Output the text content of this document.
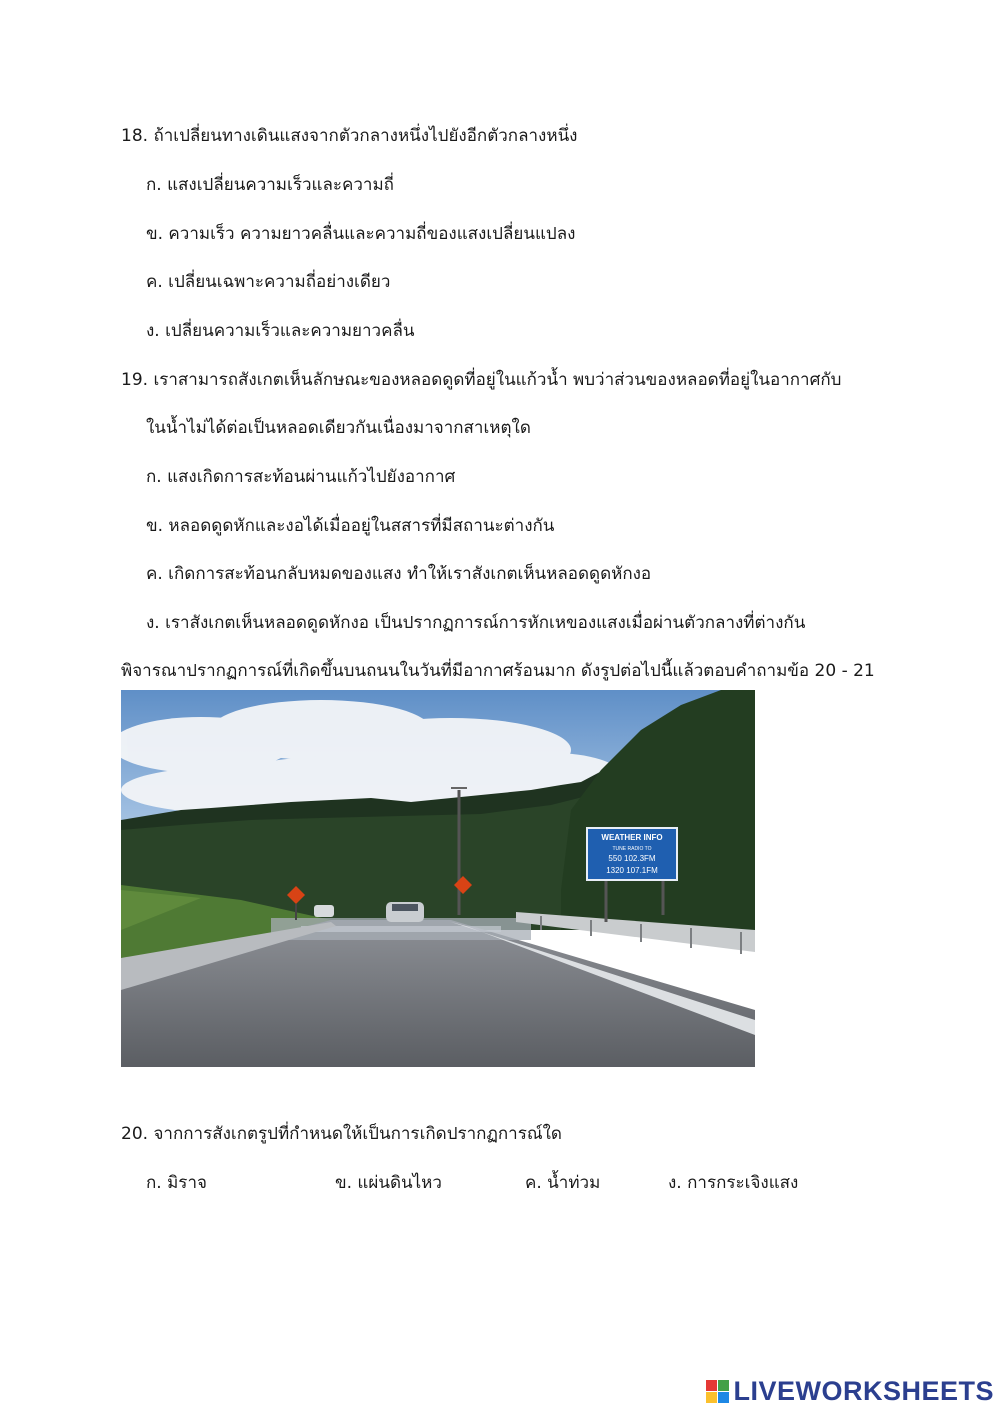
18. ถ้าเปลี่ยนทางเดินแสงจากตัวกลางหนึ่งไปยังอีกตัวกลางหนึ่ง
ก. แสงเปลี่ยนความเร็วและความถี่
ข. ความเร็ว ความยาวคลื่นและความถี่ของแสงเปลี่ยนแปลง
ค. เปลี่ยนเฉพาะความถี่อย่างเดียว
ง. เปลี่ยนความเร็วและความยาวคลื่น
19. เราสามารถสังเกตเห็นลักษณะของหลอดดูดที่อยู่ในแก้วน้ำ พบว่าส่วนของหลอดที่อยู่ในอากาศกับ
ในน้ำไม่ได้ต่อเป็นหลอดเดียวกันเนื่องมาจากสาเหตุใด
ก. แสงเกิดการสะท้อนผ่านแก้วไปยังอากาศ
ข. หลอดดูดหักและงอได้เมื่ออยู่ในสสารที่มีสถานะต่างกัน
ค. เกิดการสะท้อนกลับหมดของแสง ทำให้เราสังเกตเห็นหลอดดูดหักงอ
ง. เราสังเกตเห็นหลอดดูดหักงอ เป็นปรากฏการณ์การหักเหของแสงเมื่อผ่านตัวกลางที่ต่างกัน
พิจารณาปรากฏการณ์ที่เกิดขึ้นบนถนนในวันที่มีอากาศร้อนมาก ดังรูปต่อไปนี้แล้วตอบคำถามข้อ 20 - 21
WEATHER INFO
TUNE RADIO TO
550 102.3FM
1320 107.1FM
20. จากการสังเกตรูปที่กำหนดให้เป็นการเกิดปรากฏการณ์ใด
ก. มิราจ	ข. แผ่นดินไหว	ค. น้ำท่วม	ง. การกระเจิงแสง
LIVEWORKSHEETS
